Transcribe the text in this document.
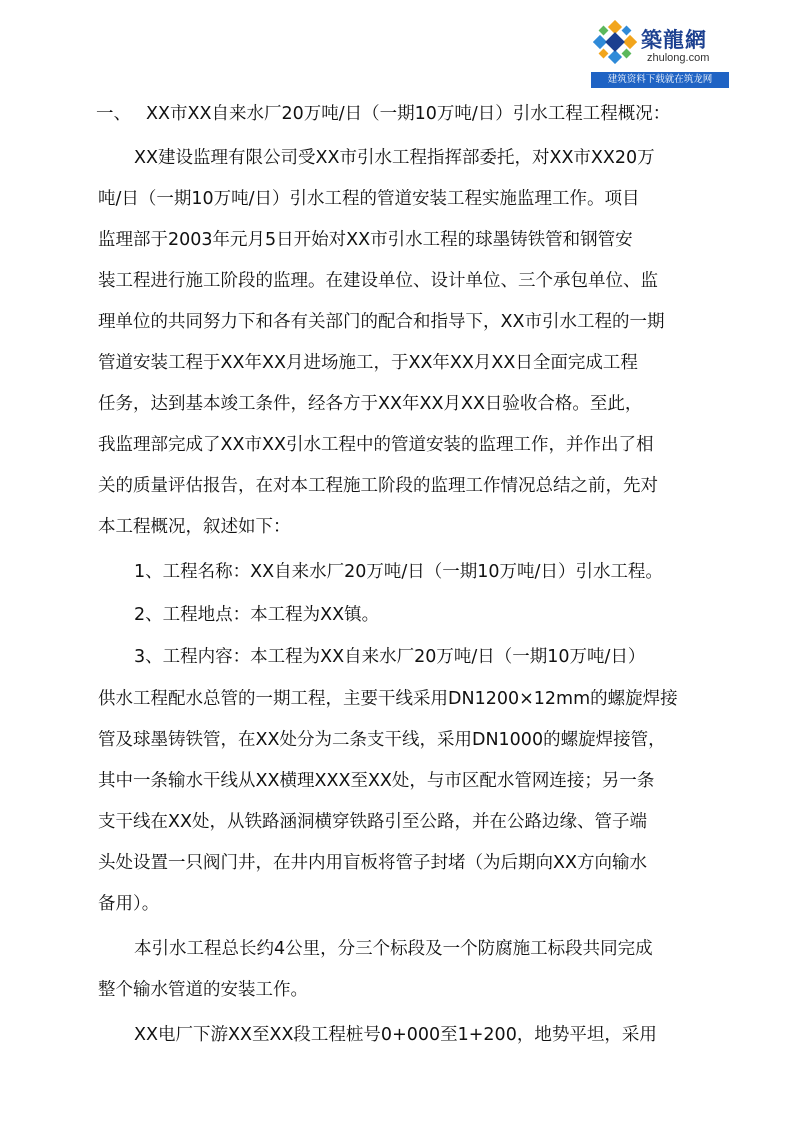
築龍網
zhulong.com
建筑资料下载就在筑龙网
一、 XX市XX自来水厂20万吨/日（一期10万吨/日）引水工程工程概况：
XX建设监理有限公司受XX市引水工程指挥部委托，对XX市XX20万
吨/日（一期10万吨/日）引水工程的管道安装工程实施监理工作。项目
监理部于2003年元月5日开始对XX市引水工程的球墨铸铁管和钢管安
装工程进行施工阶段的监理。在建设单位、设计单位、三个承包单位、监
理单位的共同努力下和各有关部门的配合和指导下，XX市引水工程的一期
管道安装工程于XX年XX月进场施工，于XX年XX月XX日全面完成工程
任务，达到基本竣工条件，经各方于XX年XX月XX日验收合格。至此，
我监理部完成了XX市XX引水工程中的管道安装的监理工作，并作出了相
关的质量评估报告，在对本工程施工阶段的监理工作情况总结之前，先对
本工程概况，叙述如下：
1、工程名称：XX自来水厂20万吨/日（一期10万吨/日）引水工程。
2、工程地点：本工程为XX镇。
3、工程内容：本工程为XX自来水厂20万吨/日（一期10万吨/日）
供水工程配水总管的一期工程，主要干线采用DN1200×12mm的螺旋焊接
管及球墨铸铁管，在XX处分为二条支干线，采用DN1000的螺旋焊接管，
其中一条输水干线从XX横理XXX至XX处，与市区配水管网连接；另一条
支干线在XX处，从铁路涵洞横穿铁路引至公路，并在公路边缘、管子端
头处设置一只阀门井，在井内用盲板将管子封堵（为后期向XX方向输水
备用）。
本引水工程总长约4公里，分三个标段及一个防腐施工标段共同完成
整个输水管道的安装工作。
XX电厂下游XX至XX段工程桩号0+000至1+200，地势平坦，采用
